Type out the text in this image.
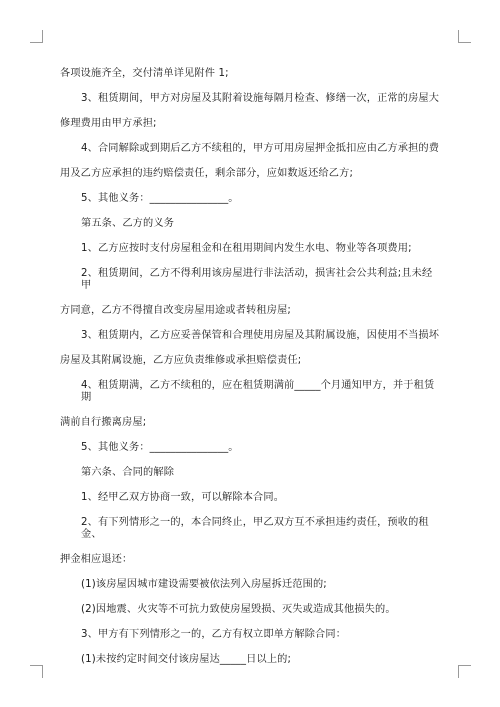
各项设施齐全，交付清单详见附件 1;
3、租赁期间，甲方对房屋及其附着设施每隔月检查、修缮一次，正常的房屋大
修理费用由甲方承担;
4、合同解除或到期后乙方不续租的，甲方可用房屋押金抵扣应由乙方承担的费
用及乙方应承担的违约赔偿责任，剩余部分，应如数返还给乙方;
5、其他义务：_______________。
第五条、乙方的义务
1、乙方应按时支付房屋租金和在租用期间内发生水电、物业等各项费用;
2、租赁期间，乙方不得利用该房屋进行非法活动，损害社会公共利益;且未经甲
方同意，乙方不得擅自改变房屋用途或者转租房屋;
3、租赁期内，乙方应妥善保管和合理使用房屋及其附属设施，因使用不当损坏
房屋及其附属设施，乙方应负责维修或承担赔偿责任;
4、租赁期满，乙方不续租的，应在租赁期满前_____个月通知甲方，并于租赁期
满前自行搬离房屋;
5、其他义务：_______________。
第六条、合同的解除
1、经甲乙双方协商一致，可以解除本合同。
2、有下列情形之一的，本合同终止，甲乙双方互不承担违约责任，预收的租金、
押金相应退还：
(1)该房屋因城市建设需要被依法列入房屋拆迁范围的;
(2)因地震、火灾等不可抗力致使房屋毁损、灭失或造成其他损失的。
3、甲方有下列情形之一的，乙方有权立即单方解除合同：
(1)未按约定时间交付该房屋达_____日以上的;
